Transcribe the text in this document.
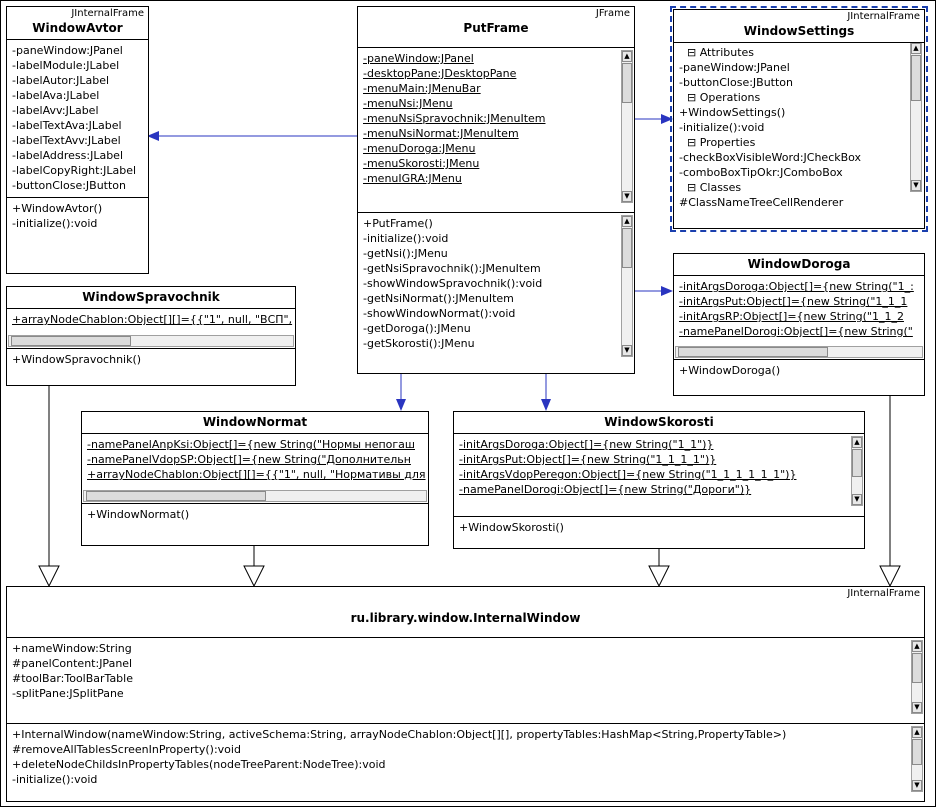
JInternalFrame
WindowAvtor
-paneWindow:JPanel
-labelModule:JLabel
-labelAutor:JLabel
-labelAva:JLabel
-labelAvv:JLabel
-labelTextAva:JLabel
-labelTextAvv:JLabel
-labelAddress:JLabel
-labelCopyRight:JLabel
-buttonClose:JButton
+WindowAvtor()
-initialize():void
JFrame
PutFrame
-paneWindow:JPanel
-desktopPane:JDesktopPane
-menuMain:JMenuBar
-menuNsi:JMenu
-menuNsiSpravochnik:JMenuItem
-menuNsiNormat:JMenuItem
-menuDoroga:JMenu
-menuSkorosti:JMenu
-menuIGRA:JMenu
▲
▼
+PutFrame()
-initialize():void
-getNsi():JMenu
-getNsiSpravochnik():JMenuItem
-showWindowSpravochnik():void
-getNsiNormat():JMenuItem
-showWindowNormat():void
-getDoroga():JMenu
-getSkorosti():JMenu
▲
▼
JInternalFrame
WindowSettings
⊟ Attributes
-paneWindow:JPanel
-buttonClose:JButton
⊟ Operations
+WindowSettings()
-initialize():void
⊟ Properties
-checkBoxVisibleWord:JCheckBox
-comboBoxTipOkr:JComboBox
⊟ Classes
#ClassNameTreeCellRenderer
▲
▼
WindowSpravochnik
+arrayNodeChablon:Object[][]={{"1", null, "ВСП",
+WindowSpravochnik()
WindowDoroga
-initArgsDoroga:Object[]={new String("1_:
-initArgsPut:Object[]={new String("1_1_1
-initArgsRP:Object[]={new String("1_1_2
-namePanelDorogi:Object[]={new String("
+WindowDoroga()
WindowNormat
-namePanelAnpKsi:Object[]={new String("Нормы непогаш
-namePanelVdopSP:Object[]={new String("Дополнительн
+arrayNodeChablon:Object[][]={{"1", null, "Нормативы для
+WindowNormat()
WindowSkorosti
-initArgsDoroga:Object[]={new String("1_1")}
-initArgsPut:Object[]={new String("1_1_1_1")}
-initArgsVdopPeregon:Object[]={new String("1_1_1_1_1_1")}
-namePanelDorogi:Object[]={new String("Дороги")}
▲
▼
+WindowSkorosti()
JInternalFrame
ru.library.window.InternalWindow
+nameWindow:String
#panelContent:JPanel
#toolBar:ToolBarTable
-splitPane:JSplitPane
▲
▼
+InternalWindow(nameWindow:String, activeSchema:String, arrayNodeChablon:Object[][], propertyTables:HashMap<String,PropertyTable>)
#removeAllTablesScreenInProperty():void
+deleteNodeChildsInPropertyTables(nodeTreeParent:NodeTree):void
-initialize():void
▲
▼
